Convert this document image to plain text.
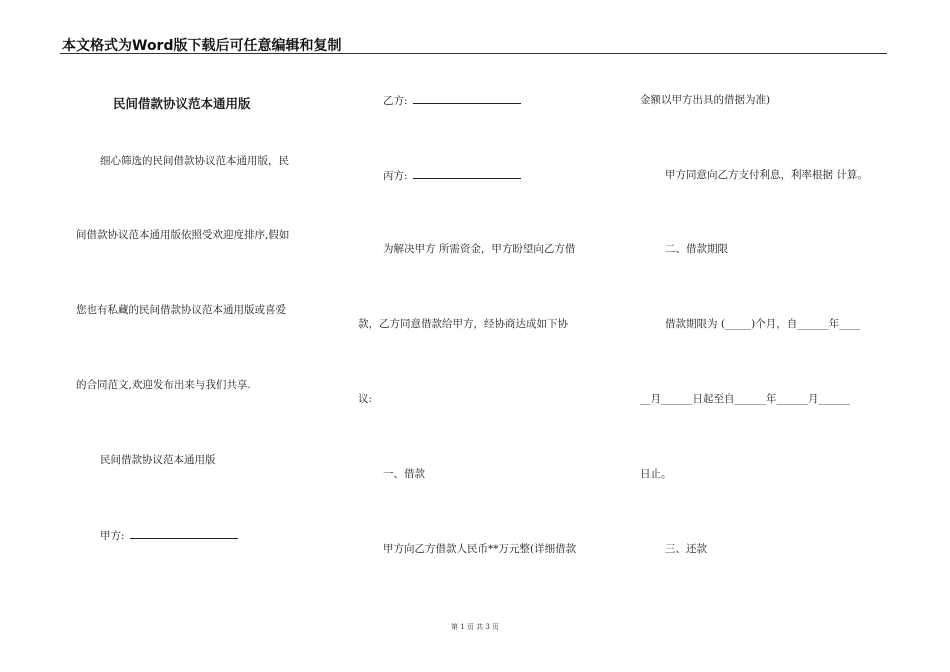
本文格式为Word版下载后可任意编辑和复制
民间借款协议范本通用版
细心筛选的民间借款协议范本通用版，民
间借款协议范本通用版依照受欢迎度排序,假如
您也有私藏的民间借款协议范本通用版或喜爱
的合同范文,欢迎发布出来与我们共享.
民间借款协议范本通用版
甲方:
乙方:
丙方:
为解决甲方 所需资金，甲方盼望向乙方借
款，乙方同意借款给甲方，经协商达成如下协
议:
一、借款
甲方向乙方借款人民币**万元整(详细借款
金额以甲方出具的借据为准)
甲方同意向乙方支付利息，利率根据 计算。
二、借款期限
借款期限为 (_____)个月，自______年____
__月______日起至自______年______月______
日止。
三、还款
第 1 页 共 3 页
